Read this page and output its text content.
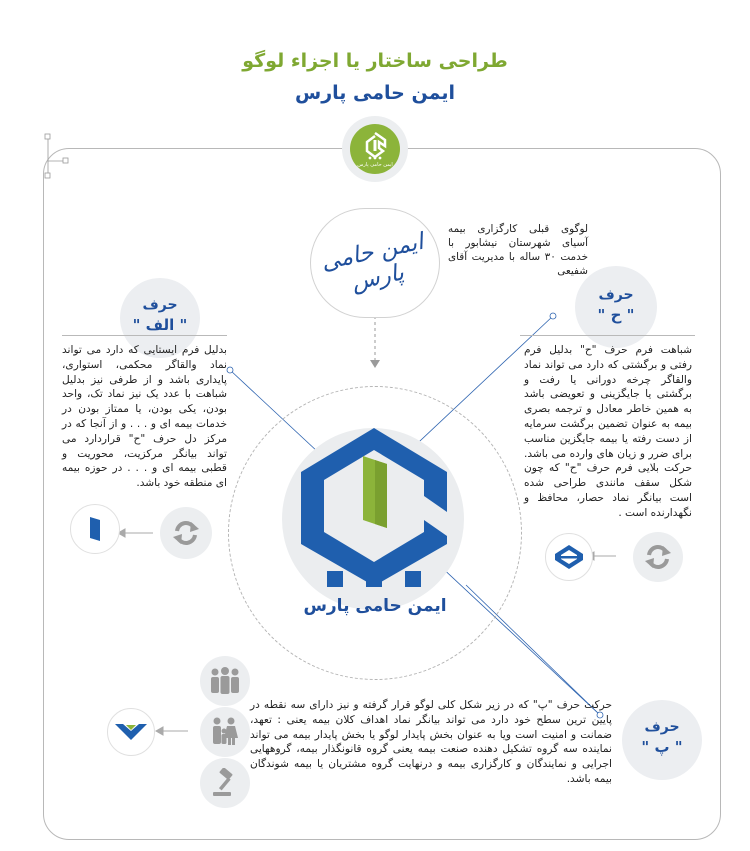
طراحی ساختار یا اجزاء لوگو
ایمن حامی پارس
ایمن حامی پارس
ایمن حامی پارس
لوگوی قبلی کارگزاری بیمه آسیای شهرستان نیشابور با خدمت ۳۰ ساله با مدیریت آقای شفیعی
ایمن حامی پارس
حرف
" الف "
بدلیل فرم ایستایی که دارد می تواند نماد والقاگر محکمی، استواری، پایداری باشد و از طرفی نیز بدلیل شباهت با عدد یک نیز نماد تک، واحد بودن، یکی بودن، یا ممتاز بودن در خدمات بیمه ای و . . . و از آنجا که در مرکز دل حرف "ح" قراردارد می تواند بیانگر مرکزیت، محوریت و قطبی بیمه ای و . . . در حوزه بیمه ای منطقه خود باشد.
حرف
" ح "
شباهت فرم حرف "ح" بدلیل فرم رفتی و برگشتی که دارد می تواند نماد والقاگر چرخه دورانی یا رفت و برگشتی یا جایگزینی و تعویضی باشد به همین خاطر معادل و ترجمه بصری بیمه به عنوان تضمین برگشت سرمایه از دست رفته یا بیمه جایگزین مناسب برای ضرر و زیان های وارده می باشد. حرکت بلایی فرم حرف "ح" که چون شکل سقف مانندی طراحی شده است بیانگر نماد حصار، محافظ و نگهدارنده است .
حرف
" پ "
حرکت حرف "پ" که در زیر شکل کلی لوگو قرار گرفته و نیز دارای سه نقطه در پایین ترین سطح خود دارد می تواند بیانگر نماد اهداف کلان بیمه یعنی : تعهد، ضمانت و امنیت است ویا به عنوان بخش پایدار لوگو یا بخش پایدار بیمه می تواند نماینده سه گروه تشکیل دهنده صنعت بیمه یعنی گروه قانونگذار بیمه، گروههایی اجرایی و نمایندگان و کارگزاری بیمه و درنهایت گروه مشتریان یا بیمه شوندگان بیمه باشد.
